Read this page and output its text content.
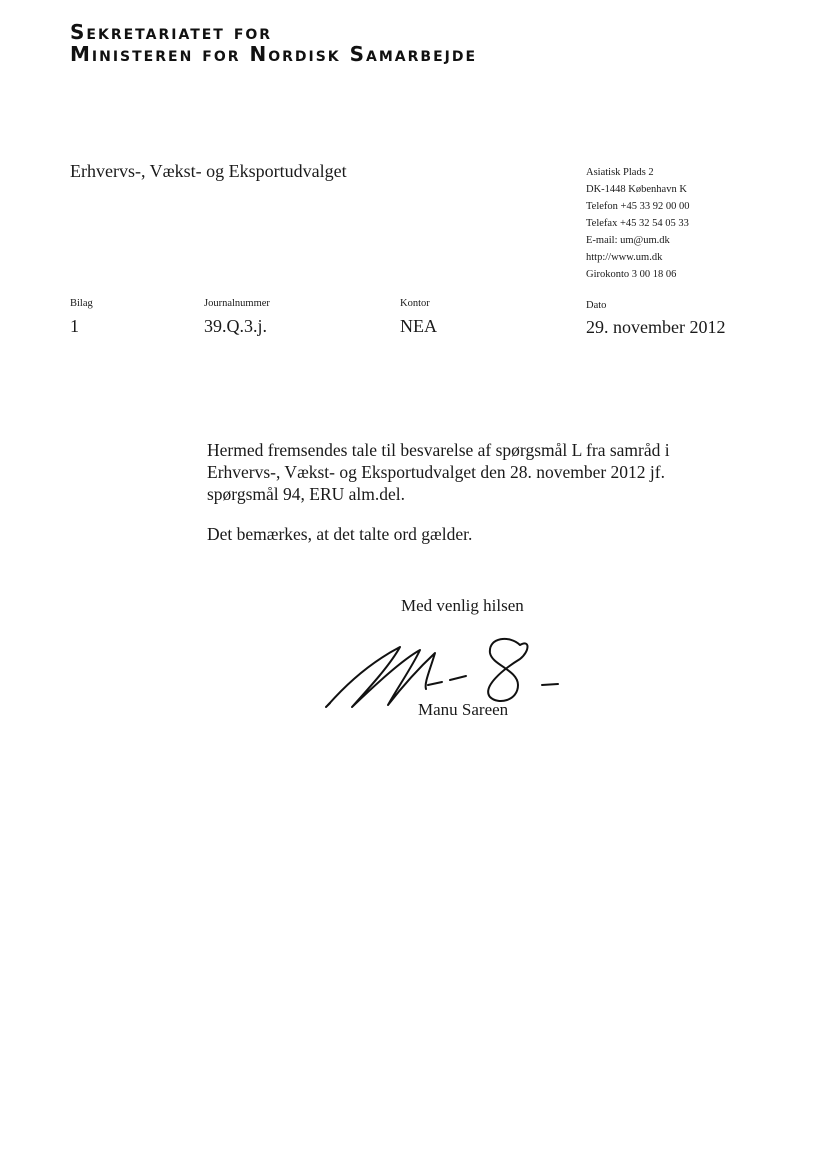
Sekretariatet for
Ministeren for Nordisk Samarbejde
Erhvervs-, Vækst- og Eksportudvalget	Asiatisk Plads 2
DK-1448 København K
Telefon +45 33 92 00 00
Telefax +45 32 54 05 33
E-mail: um@um.dk
http://www.um.dk
Girokonto 3 00 18 06
Bilag
1
Journalnummer
39.Q.3.j.
Kontor
NEA
Dato
29. november 2012

Hermed fremsendes tale til besvarelse af spørgsmål L fra samråd i Erhvervs-, Vækst- og Eksportudvalget den 28. november 2012 jf. spørgsmål 94, ERU alm.del.

Det bemærkes, at det talte ord gælder.

Med venlig hilsen
Manu Sareen
